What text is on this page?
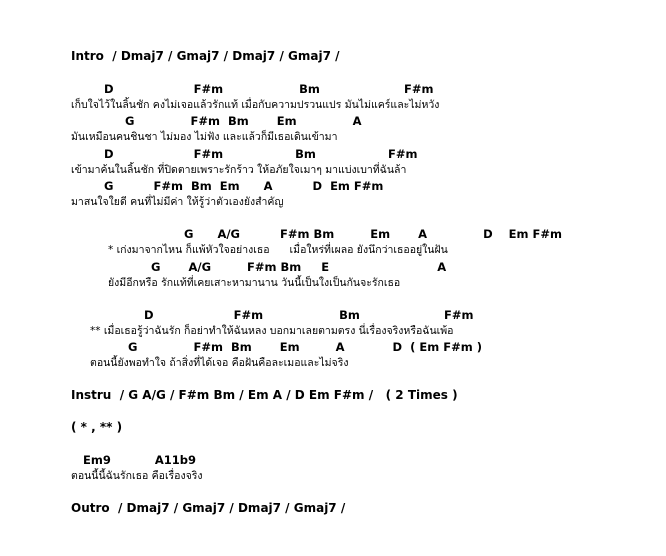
Intro  / Dmaj7 / Gmaj7 / Dmaj7 / Gmaj7 /
D                    F#m                   Bm                     F#m
เก็บใจไว้ในลิ้นชัก คงไม่เจอแล้วรักแท้ เมื่อกับความปรวนแปร มันไม่แคร์และไม่หวัง
G              F#m  Bm       Em              A
มันเหมือนคนชินชา ไม่มอง ไม่ฟัง และแล้วก็มีเธอเดินเข้ามา
D                    F#m                  Bm                  F#m
เข้ามาค้นในลิ้นชัก ที่ปิดตายเพราะรักร้าว ให้อภัยใจเมาๆ มาแบ่งเบาที่ฉันล้า
G          F#m  Bm  Em      A          D  Em F#m
มาสนใจใยดี คนที่ไม่มีค่า ให้รู้ว่าตัวเองยังสำคัญ
G      A/G          F#m Bm         Em       A              D    Em F#m
* เก่งมาจากไหน ก็แพ้หัวใจอย่างเธอ      เมื่อใหร่ที่เผลอ ยังนึกว่าเธออยู่ในฝัน
G       A/G         F#m Bm     E                           A
ยังมีอีกหรือ รักแท้ที่เคยเสาะหามานาน วันนี้เป็นใงเป็นกันจะรักเธอ
D                    F#m                   Bm                     F#m
** เมื่อเธอรู้ว่าฉันรัก ก็อย่าทำให้ฉันหลง บอกมาเลยตามตรง นี่เรื่องจริงหรือฉันเพ้อ
G              F#m  Bm       Em         A            D  ( Em F#m )
ตอนนี้ยังพอทำใจ ถ้าสิ่งที่ได้เจอ คือฝันคือละเมอและไม่จริง
Instru  / G A/G / F#m Bm / Em A / D Em F#m /   ( 2 Times )
( * , ** )
Em9           A11b9
ตอนนี้นี้ฉันรักเธอ คือเรื่องจริง
Outro  / Dmaj7 / Gmaj7 / Dmaj7 / Gmaj7 /
